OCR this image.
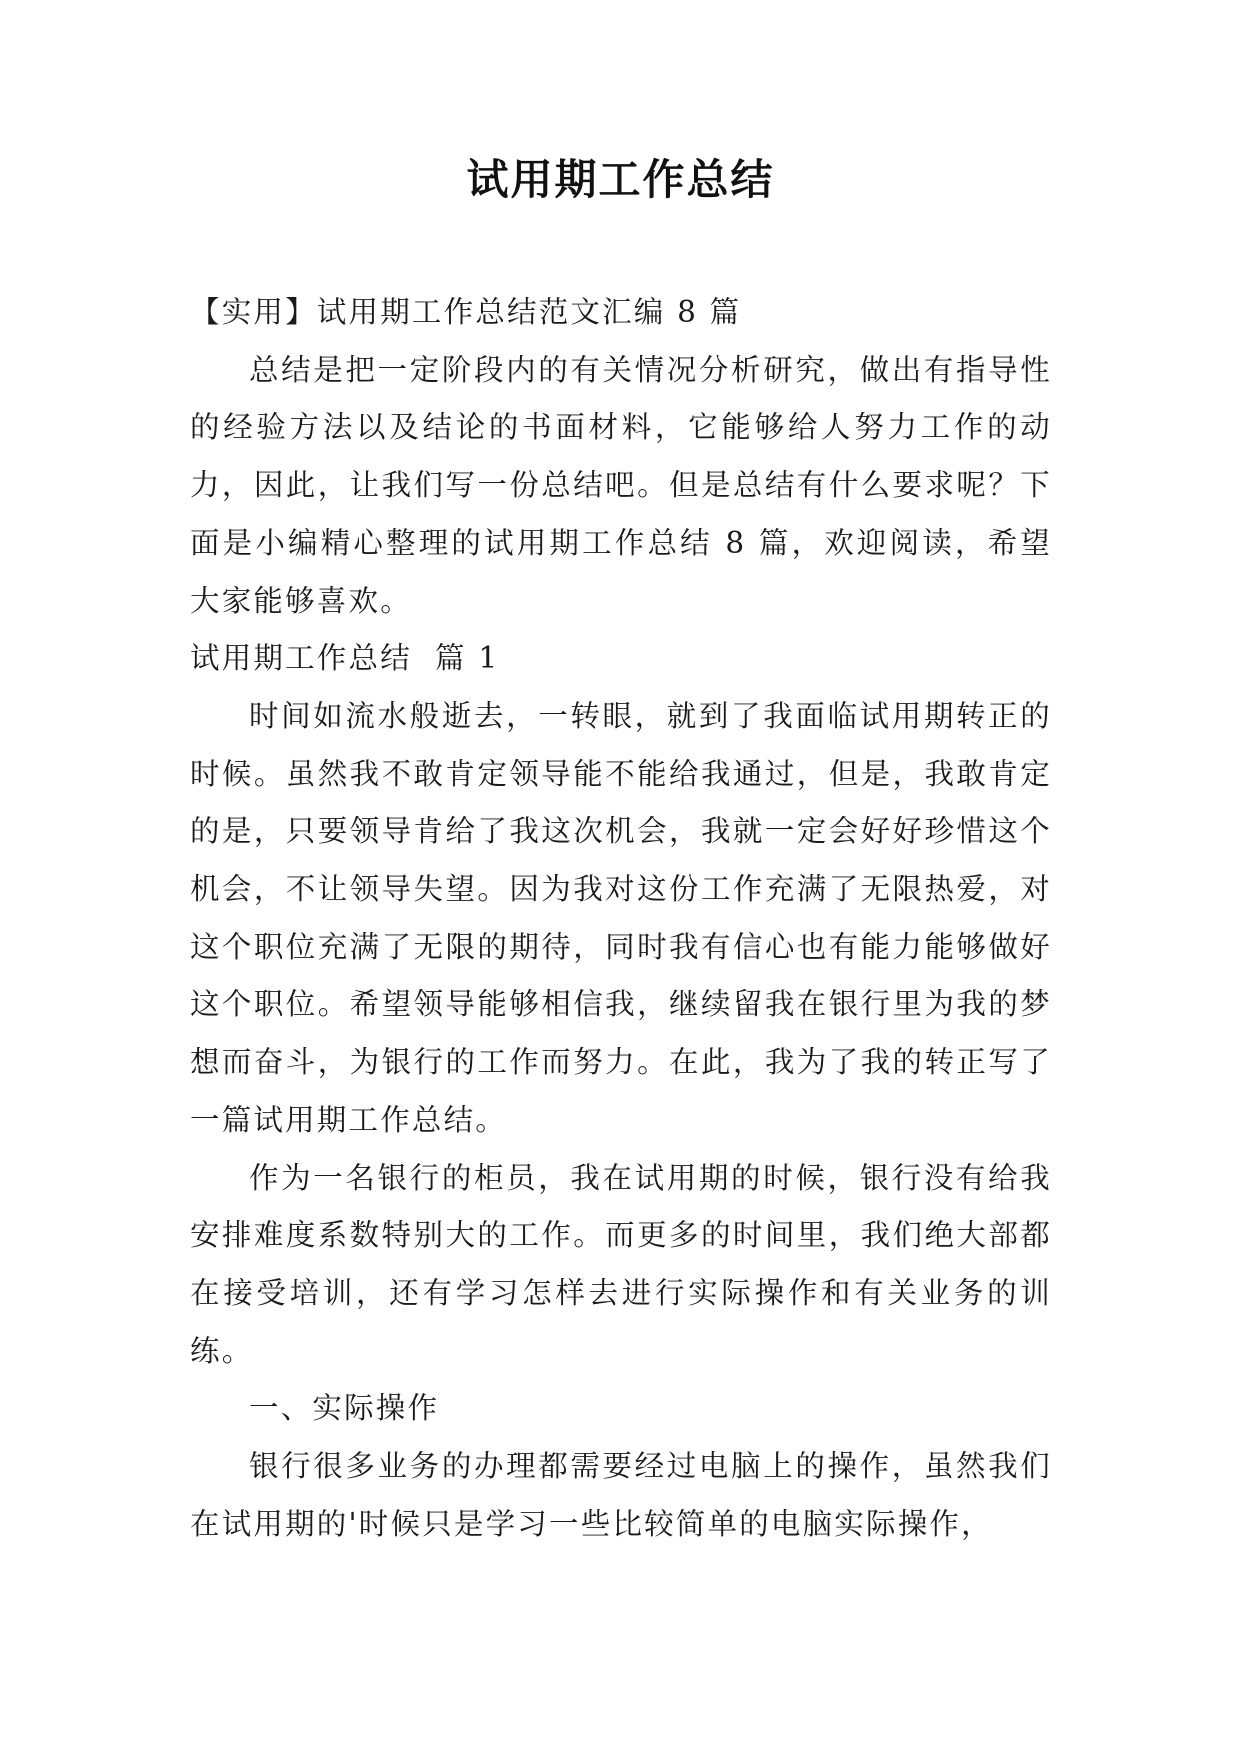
试用期工作总结

【实用】试用期工作总结范文汇编 8 篇

总结是把一定阶段内的有关情况分析研究，做出有指导性的经验方法以及结论的书面材料，它能够给人努力工作的动力，因此，让我们写一份总结吧。但是总结有什么要求呢？下面是小编精心整理的试用期工作总结 8 篇，欢迎阅读，希望大家能够喜欢。

试用期工作总结  篇 1

时间如流水般逝去，一转眼，就到了我面临试用期转正的时候。虽然我不敢肯定领导能不能给我通过，但是，我敢肯定的是，只要领导肯给了我这次机会，我就一定会好好珍惜这个机会，不让领导失望。因为我对这份工作充满了无限热爱，对这个职位充满了无限的期待，同时我有信心也有能力能够做好这个职位。希望领导能够相信我，继续留我在银行里为我的梦想而奋斗，为银行的工作而努力。在此，我为了我的转正写了一篇试用期工作总结。

作为一名银行的柜员，我在试用期的时候，银行没有给我安排难度系数特别大的工作。而更多的时间里，我们绝大部都在接受培训，还有学习怎样去进行实际操作和有关业务的训练。

一、实际操作

银行很多业务的办理都需要经过电脑上的操作，虽然我们在试用期的'时候只是学习一些比较简单的电脑实际操作，
